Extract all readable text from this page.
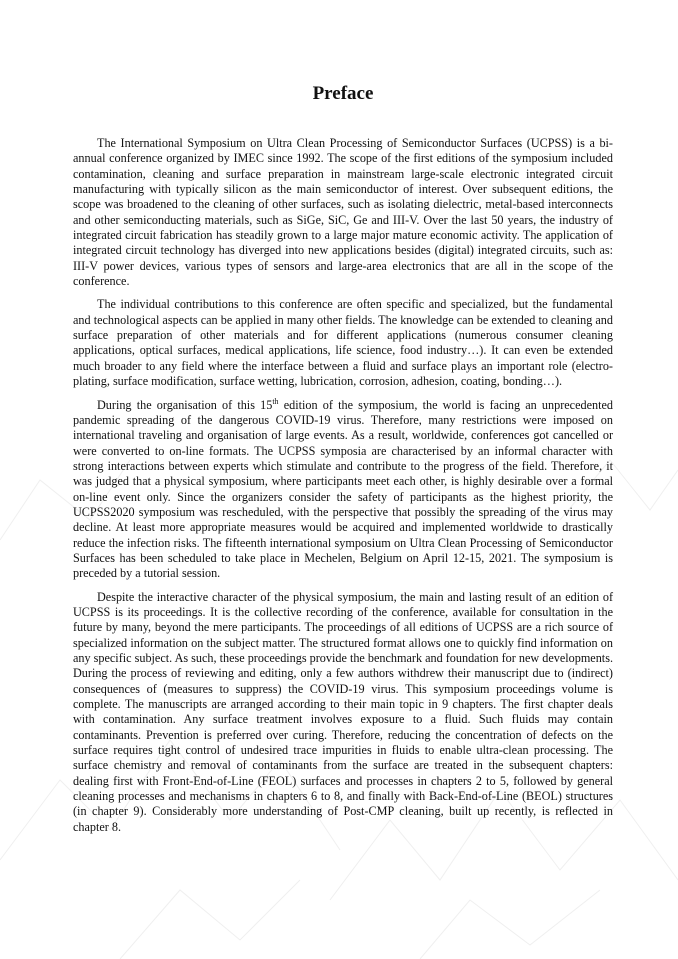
Preface

The International Symposium on Ultra Clean Processing of Semiconductor Surfaces (UCPSS) is a bi-annual conference organized by IMEC since 1992. The scope of the first editions of the symposium included contamination, cleaning and surface preparation in mainstream large-scale electronic integrated circuit manufacturing with typically silicon as the main semiconductor of interest. Over subsequent editions, the scope was broadened to the cleaning of other surfaces, such as isolating dielectric, metal-based interconnects and other semiconducting materials, such as SiGe, SiC, Ge and III-V. Over the last 50 years, the industry of integrated circuit fabrication has steadily grown to a large major mature economic activity. The application of integrated circuit technology has diverged into new applications besides (digital) integrated circuits, such as: III-V power devices, various types of sensors and large-area electronics that are all in the scope of the conference.

The individual contributions to this conference are often specific and specialized, but the fundamental and technological aspects can be applied in many other fields. The knowledge can be extended to cleaning and surface preparation of other materials and for different applications (numerous consumer cleaning applications, optical surfaces, medical applications, life science, food industry…). It can even be extended much broader to any field where the interface between a fluid and surface plays an important role (electro-plating, surface modification, surface wetting, lubrication, corrosion, adhesion, coating, bonding…).

During the organisation of this 15th edition of the symposium, the world is facing an unprecedented pandemic spreading of the dangerous COVID-19 virus. Therefore, many restrictions were imposed on international traveling and organisation of large events. As a result, worldwide, conferences got cancelled or were converted to on-line formats. The UCPSS symposia are characterised by an informal character with strong interactions between experts which stimulate and contribute to the progress of the field. Therefore, it was judged that a physical symposium, where participants meet each other, is highly desirable over a formal on-line event only. Since the organizers consider the safety of participants as the highest priority, the UCPSS2020 symposium was rescheduled, with the perspective that possibly the spreading of the virus may decline. At least more appropriate measures would be acquired and implemented worldwide to drastically reduce the infection risks. The fifteenth international symposium on Ultra Clean Processing of Semiconductor Surfaces has been scheduled to take place in Mechelen, Belgium on April 12-15, 2021. The symposium is preceded by a tutorial session.

Despite the interactive character of the physical symposium, the main and lasting result of an edition of UCPSS is its proceedings. It is the collective recording of the conference, available for consultation in the future by many, beyond the mere participants. The proceedings of all editions of UCPSS are a rich source of specialized information on the subject matter. The structured format allows one to quickly find information on any specific subject. As such, these proceedings provide the benchmark and foundation for new developments. During the process of reviewing and editing, only a few authors withdrew their manuscript due to (indirect) consequences of (measures to suppress) the COVID-19 virus. This symposium proceedings volume is complete. The manuscripts are arranged according to their main topic in 9 chapters. The first chapter deals with contamination. Any surface treatment involves exposure to a fluid. Such fluids may contain contaminants. Prevention is preferred over curing. Therefore, reducing the concentration of defects on the surface requires tight control of undesired trace impurities in fluids to enable ultra-clean processing. The surface chemistry and removal of contaminants from the surface are treated in the subsequent chapters: dealing first with Front-End-of-Line (FEOL) surfaces and processes in chapters 2 to 5, followed by general cleaning processes and mechanisms in chapters 6 to 8, and finally with Back-End-of-Line (BEOL) structures (in chapter 9). Considerably more understanding of Post-CMP cleaning, built up recently, is reflected in chapter 8.
